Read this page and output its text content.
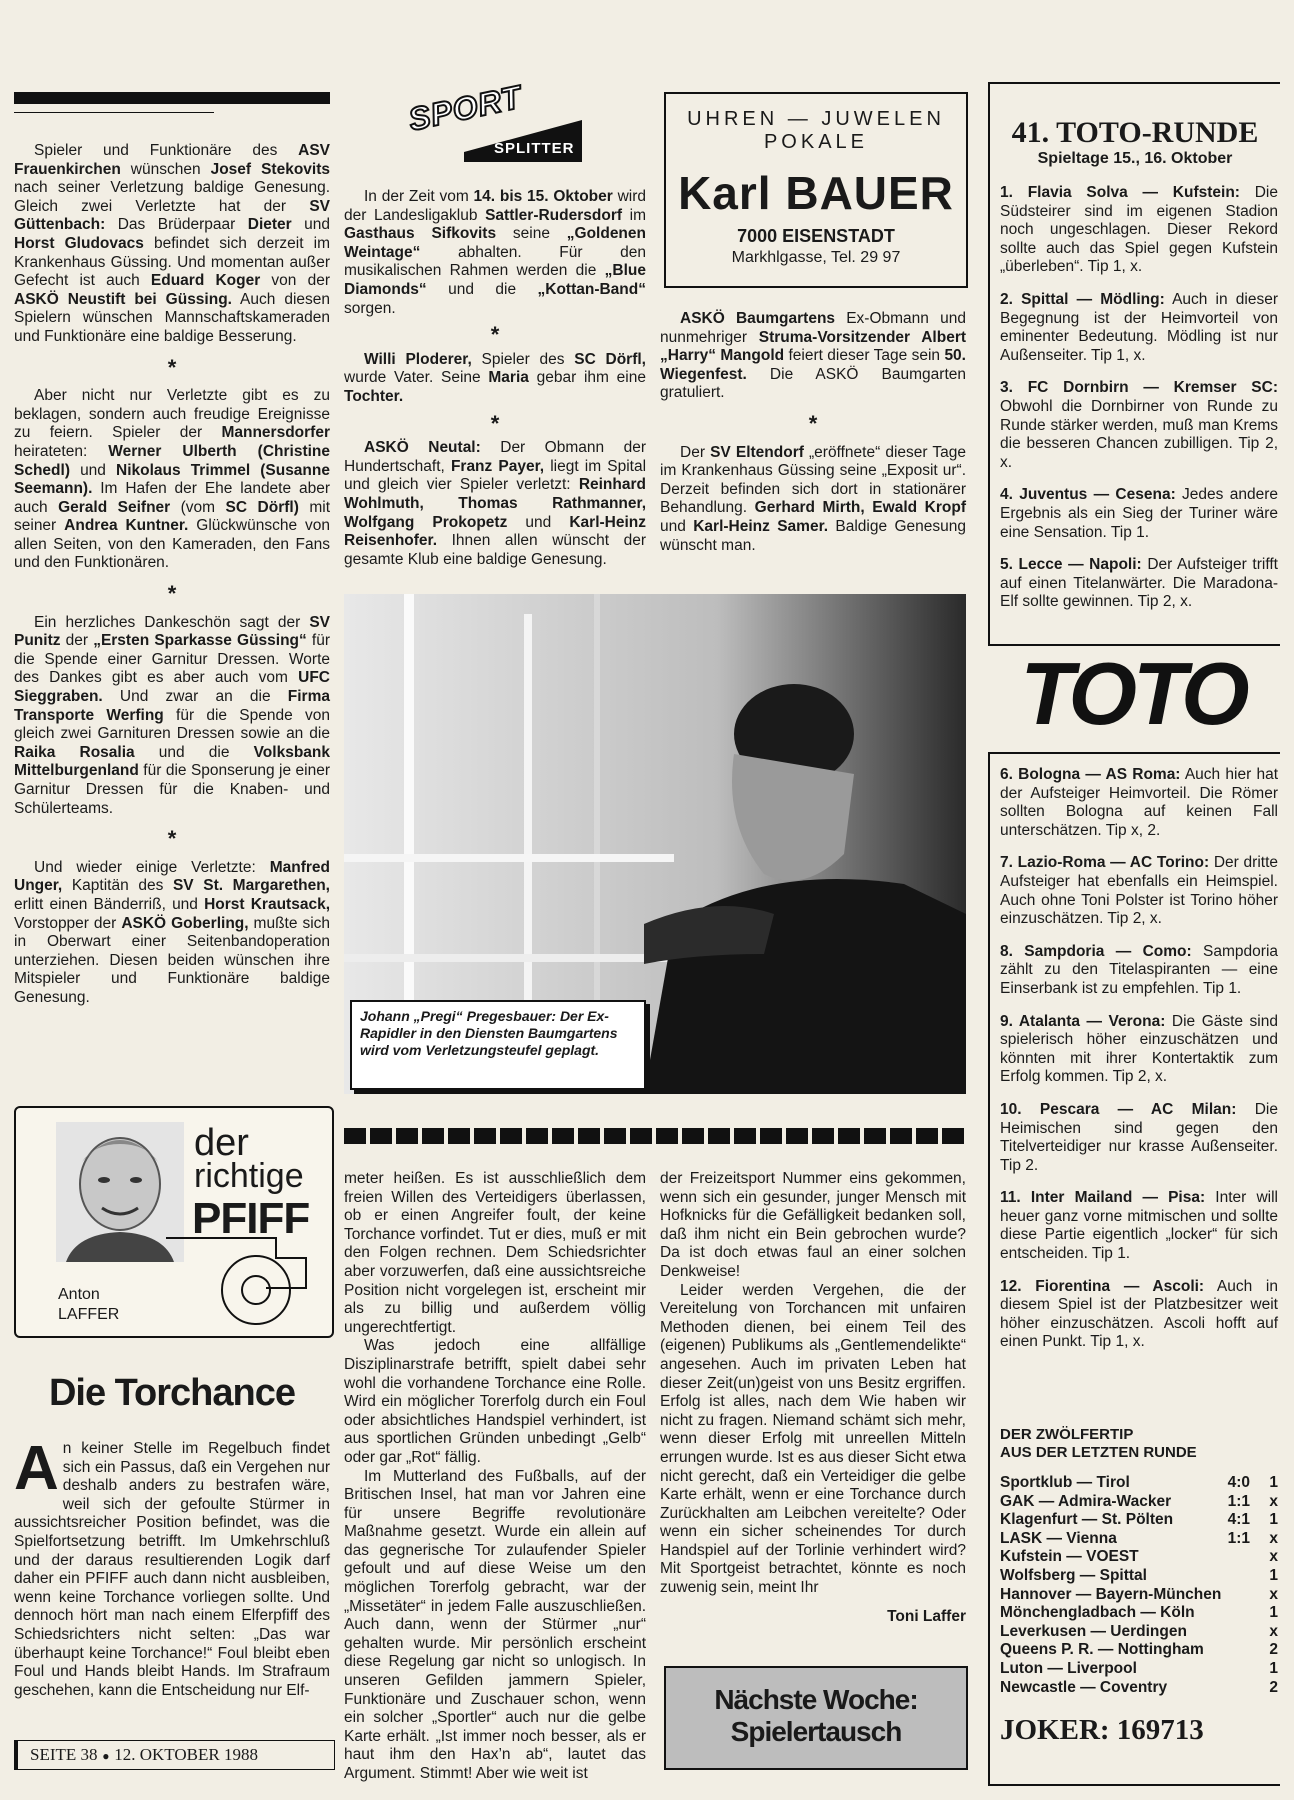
Spieler und Funktionäre des ASV Frauenkirchen wünschen Josef Stekovits nach seiner Verletzung baldige Genesung. Gleich zwei Verletzte hat der SV Güttenbach: Das Brüderpaar Dieter und Horst Gludovacs befindet sich derzeit im Krankenhaus Güssing. Und momentan außer Gefecht ist auch Eduard Koger von der ASKÖ Neustift bei Güssing. Auch diesen Spielern wünschen Mannschaftskameraden und Funktionäre eine baldige Besserung.

*

Aber nicht nur Verletzte gibt es zu beklagen, sondern auch freudige Ereignisse zu feiern. Spieler der Mannersdorfer heirateten: Werner Ulberth (Christine Schedl) und Nikolaus Trimmel (Susanne Seemann). Im Hafen der Ehe landete aber auch Gerald Seifner (vom SC Dörfl) mit seiner Andrea Kuntner. Glückwünsche von allen Seiten, von den Kameraden, den Fans und den Funktionären.

*

Ein herzliches Dankeschön sagt der SV Punitz der „Ersten Sparkasse Güssing“ für die Spende einer Garnitur Dressen. Worte des Dankes gibt es aber auch vom UFC Sieggraben. Und zwar an die Firma Transporte Werfing für die Spende von gleich zwei Garnituren Dressen sowie an die Raika Rosalia und die Volksbank Mittelburgenland für die Sponserung je einer Garnitur Dressen für die Knaben- und Schülerteams.

*

Und wieder einige Verletzte: Manfred Unger, Kaptitän des SV St. Margarethen, erlitt einen Bänderriß, und Horst Krautsack, Vorstopper der ASKÖ Goberling, mußte sich in Oberwart einer Seitenbandoperation unterziehen. Diesen beiden wünschen ihre Mitspieler und Funktionäre baldige Genesung.

SPORT
SPLITTER

In der Zeit vom 14. bis 15. Oktober wird der Landesligaklub Sattler-Rudersdorf im Gasthaus Sifkovits seine „Goldenen Weintage“ abhalten. Für den musikalischen Rahmen werden die „Blue Diamonds“ und die „Kottan-Band“ sorgen.

*

Willi Ploderer, Spieler des SC Dörfl, wurde Vater. Seine Maria gebar ihm eine Tochter.

*

ASKÖ Neutal: Der Obmann der Hundertschaft, Franz Payer, liegt im Spital und gleich vier Spieler verletzt: Reinhard Wohlmuth, Thomas Rathmanner, Wolfgang Prokopetz und Karl-Heinz Reisenhofer. Ihnen allen wünscht der gesamte Klub eine baldige Genesung.

UHREN — JUWELEN
POKALE
Karl BAUER
7000 EISENSTADT
Markhlgasse, Tel. 29 97

ASKÖ Baumgartens Ex-Obmann und nunmehriger Struma-Vorsitzender Albert „Harry“ Mangold feiert dieser Tage sein 50. Wiegenfest. Die ASKÖ Baumgarten gratuliert.

*

Der SV Eltendorf „eröffnete“ dieser Tage im Krankenhaus Güssing seine „Exposit ur“. Derzeit befinden sich dort in stationärer Behandlung. Gerhard Mirth, Ewald Kropf und Karl-Heinz Samer. Baldige Genesung wünscht man.

Johann „Pregi“ Pregesbauer: Der Ex-Rapidler in den Diensten Baumgartens wird vom Verletzungsteufel geplagt.
der
richtige
PFIFF
Anton
LAFFER
Die Torchance
A n keiner Stelle im Regelbuch findet sich ein Passus, daß ein Vergehen nur deshalb anders zu bestrafen wäre, weil sich der gefoulte Stürmer in aussichtsreicher Position befindet, was die Spielfortsetzung betrifft. Im Umkehrschluß und der daraus resultierenden Logik darf daher ein PFIFF auch dann nicht ausbleiben, wenn keine Torchance vorliegen sollte. Und dennoch hört man nach einem Elferpfiff des Schiedsrichters nicht selten: „Das war überhaupt keine Torchance!“ Foul bleibt eben Foul und Hands bleibt Hands. Im Strafraum geschehen, kann die Entscheidung nur Elf-

meter heißen. Es ist ausschließlich dem freien Willen des Verteidigers überlassen, ob er einen Angreifer foult, der keine Torchance vorfindet. Tut er dies, muß er mit den Folgen rechnen. Dem Schiedsrichter aber vorzuwerfen, daß eine aussichtsreiche Position nicht vorgelegen ist, erscheint mir als zu billig und außerdem völlig ungerechtfertigt.

Was jedoch eine allfällige Disziplinarstrafe betrifft, spielt dabei sehr wohl die vorhandene Torchance eine Rolle. Wird ein möglicher Torerfolg durch ein Foul oder absichtliches Handspiel verhindert, ist aus sportlichen Gründen unbedingt „Gelb“ oder gar „Rot“ fällig.

Im Mutterland des Fußballs, auf der Britischen Insel, hat man vor Jahren eine für unsere Begriffe revolutionäre Maßnahme gesetzt. Wurde ein allein auf das gegnerische Tor zulaufender Spieler gefoult und auf diese Weise um den möglichen Torerfolg gebracht, war der „Missetäter“ in jedem Falle auszuschließen. Auch dann, wenn der Stürmer „nur“ gehalten wurde. Mir persönlich erscheint diese Regelung gar nicht so unlogisch. In unseren Gefilden jammern Spieler, Funktionäre und Zuschauer schon, wenn ein solcher „Sportler“ auch nur die gelbe Karte erhält. „Ist immer noch besser, als er haut ihm den Hax’n ab“, lautet das Argument. Stimmt! Aber wie weit ist

der Freizeitsport Nummer eins gekommen, wenn sich ein gesunder, junger Mensch mit Hofknicks für die Gefälligkeit bedanken soll, daß ihm nicht ein Bein gebrochen wurde? Da ist doch etwas faul an einer solchen Denkweise!

Leider werden Vergehen, die der Vereitelung von Torchancen mit unfairen Methoden dienen, bei einem Teil des (eigenen) Publikums als „Gentlemendelikte“ angesehen. Auch im privaten Leben hat dieser Zeit(un)geist von uns Besitz ergriffen. Erfolg ist alles, nach dem Wie haben wir nicht zu fragen. Niemand schämt sich mehr, wenn dieser Erfolg mit unreellen Mitteln errungen wurde. Ist es aus dieser Sicht etwa nicht gerecht, daß ein Verteidiger die gelbe Karte erhält, wenn er eine Torchance durch Zurückhalten am Leibchen vereitelte? Oder wenn ein sicher scheinendes Tor durch Handspiel auf der Torlinie verhindert wird? Mit Sportgeist betrachtet, könnte es noch zuwenig sein, meint Ihr

Toni Laffer
Nächste Woche:
Spielertausch
SEITE 38 ● 12. OKTOBER 1988
41. TOTO-RUNDE
Spieltage 15., 16. Oktober
1. Flavia Solva — Kufstein: Die Südsteirer sind im eigenen Stadion noch ungeschlagen. Dieser Rekord sollte auch das Spiel gegen Kufstein „überleben“. Tip 1, x.
2. Spittal — Mödling: Auch in dieser Begegnung ist der Heimvorteil von eminenter Bedeutung. Mödling ist nur Außenseiter. Tip 1, x.
3. FC Dornbirn — Kremser SC: Obwohl die Dornbirner von Runde zu Runde stärker werden, muß man Krems die besseren Chancen zubilligen. Tip 2, x.
4. Juventus — Cesena: Jedes andere Ergebnis als ein Sieg der Turiner wäre eine Sensation. Tip 1.
5. Lecce — Napoli: Der Aufsteiger trifft auf einen Titelanwärter. Die Maradona-Elf sollte gewinnen. Tip 2, x.
TOTO
6. Bologna — AS Roma: Auch hier hat der Aufsteiger Heimvorteil. Die Römer sollten Bologna auf keinen Fall unterschätzen. Tip x, 2.
7. Lazio-Roma — AC Torino: Der dritte Aufsteiger hat ebenfalls ein Heimspiel. Auch ohne Toni Polster ist Torino höher einzuschätzen. Tip 2, x.
8. Sampdoria — Como: Sampdoria zählt zu den Titelaspiranten — eine Einserbank ist zu empfehlen. Tip 1.
9. Atalanta — Verona: Die Gäste sind spielerisch höher einzuschätzen und könnten mit ihrer Kontertaktik zum Erfolg kommen. Tip 2, x.
10. Pescara — AC Milan: Die Heimischen sind gegen den Titelverteidiger nur krasse Außenseiter. Tip 2.
11. Inter Mailand — Pisa: Inter will heuer ganz vorne mitmischen und sollte diese Partie eigentlich „locker“ für sich entscheiden. Tip 1.
12. Fiorentina — Ascoli: Auch in diesem Spiel ist der Platzbesitzer weit höher einzuschätzen. Ascoli hofft auf einen Punkt. Tip 1, x.
DER ZWÖLFERTIP
AUS DER LETZTEN RUNDE
Sportklub — Tirol	4:0	1
GAK — Admira-Wacker	1:1	x
Klagenfurt — St. Pölten	4:1	1
LASK — Vienna	1:1	x
Kufstein — VOEST		x
Wolfsberg — Spittal		1
Hannover — Bayern-München		x
Mönchengladbach — Köln		1
Leverkusen — Uerdingen		x
Queens P. R. — Nottingham		2
Luton — Liverpool		1
Newcastle — Coventry		2
JOKER: 169713
